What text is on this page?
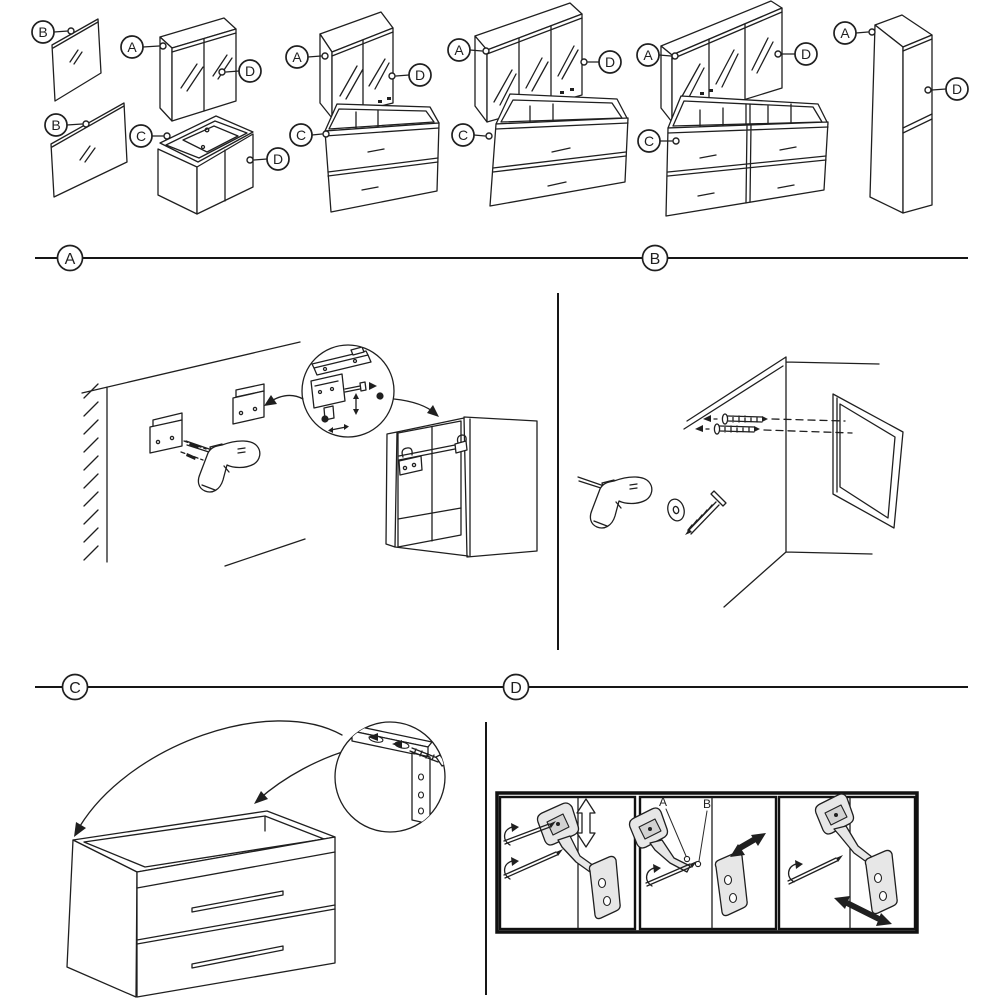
B
A
D
B
C
D
A
D
C
A
D
C
A	D
C
A
D
A	B
C	D
A	B
